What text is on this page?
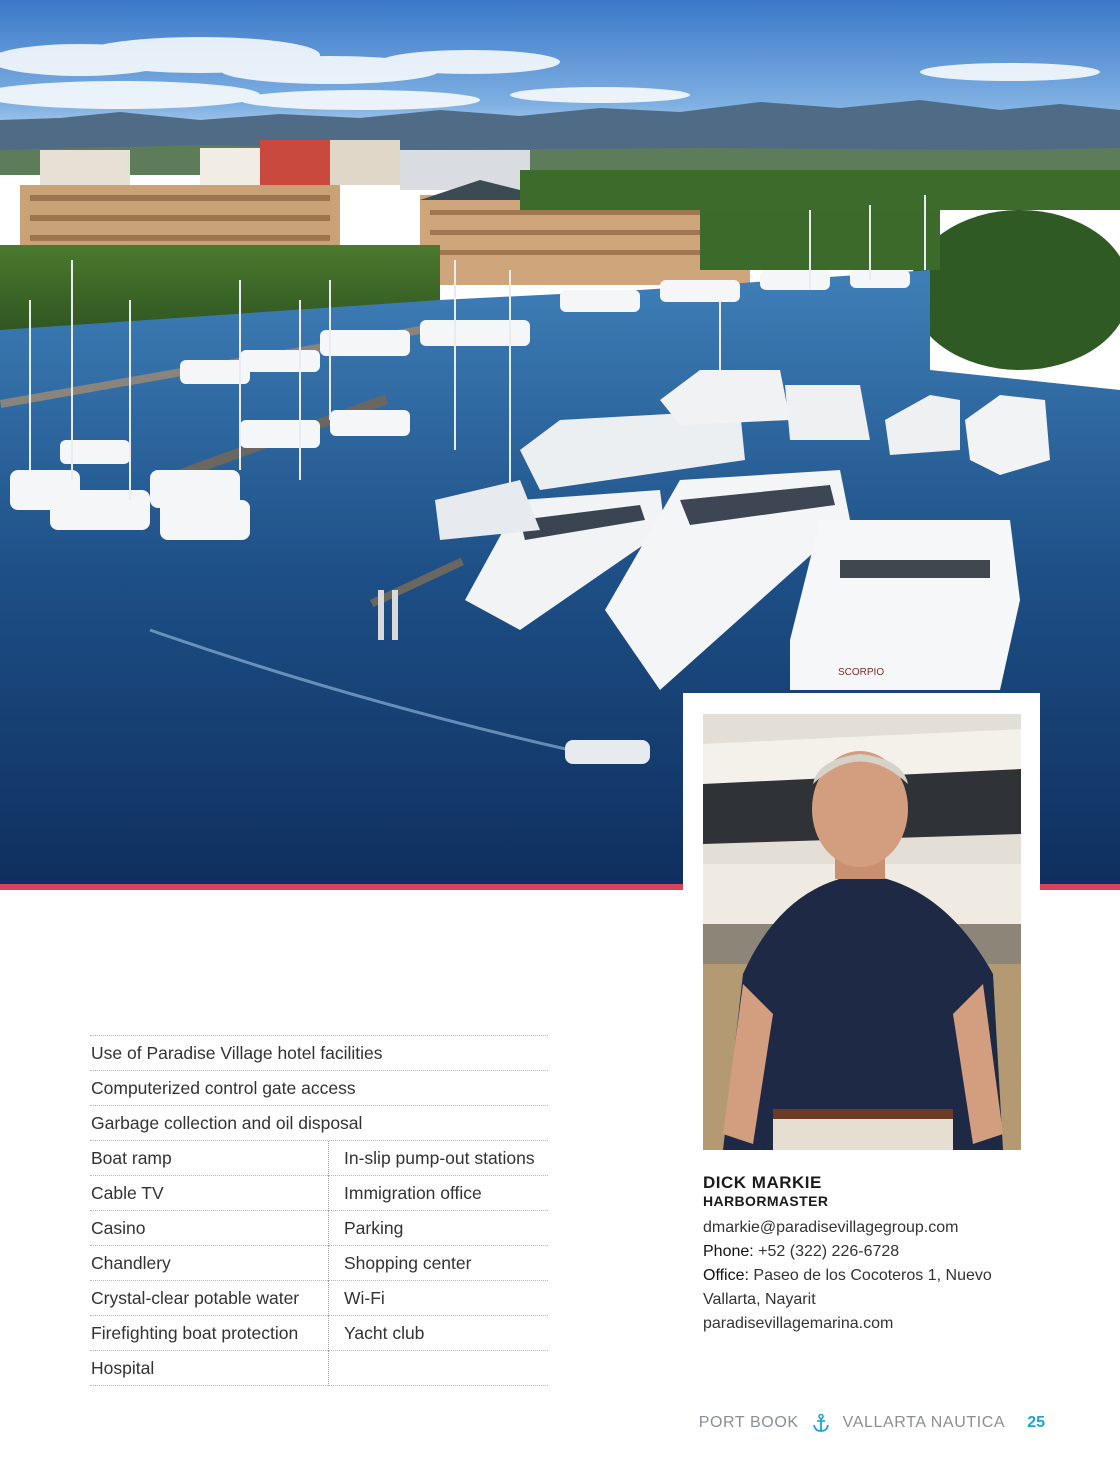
SCORPIO

DICK MARKIE

HARBORMASTER

dmarkie@paradisevillagegroup.com

Phone: +52 (322) 226-6728

Office: Paseo de los Cocoteros 1, Nuevo

Vallarta, Nayarit

paradisevillagemarina.com

Use of Paradise Village hotel facilities
Computerized control gate access
Garbage collection and oil disposal
Boat ramp	In-slip pump-out stations
Cable TV	Immigration office
Casino	Parking
Chandlery	Shopping center
Crystal-clear potable water	Wi-Fi
Firefighting boat protection	Yacht club
Hospital
PORT BOOK	VALLARTA NAUTICA 25
